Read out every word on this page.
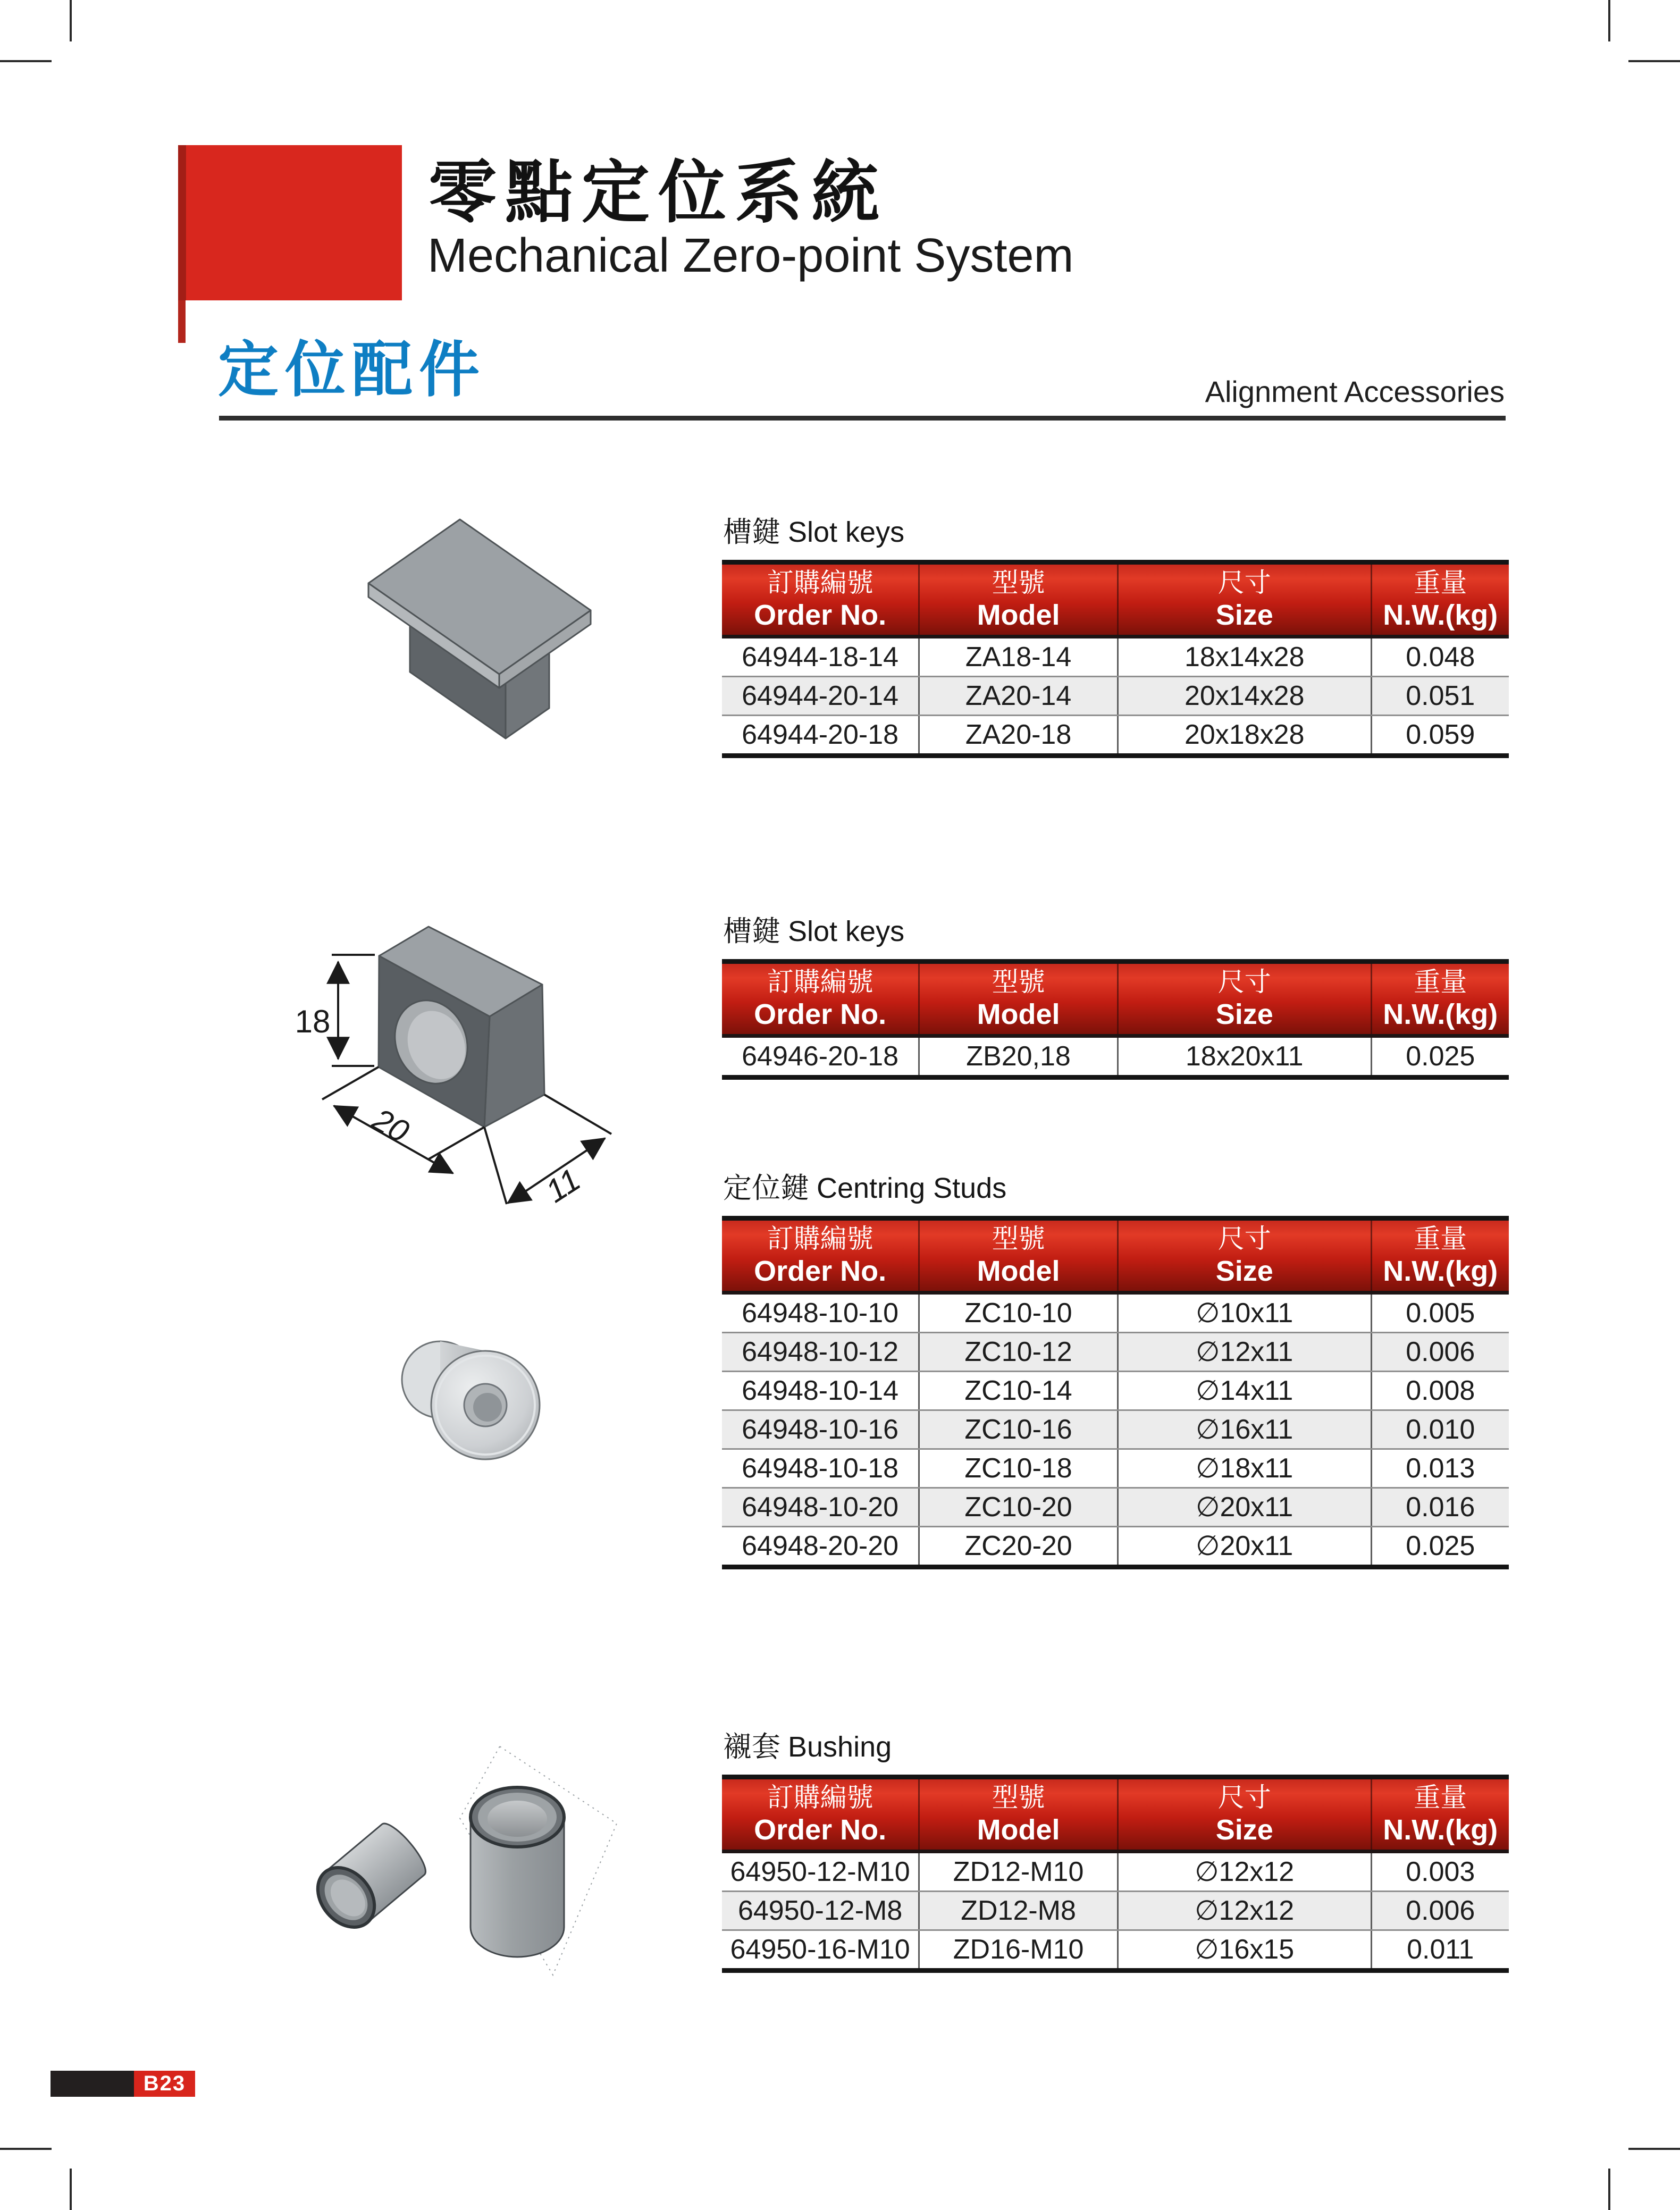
零點定位系統
Mechanical Zero-point System
定位配件	Alignment Accessories
18
20
11
槽鍵 Slot keys
訂購編號
Order No.
型號
Model
尺寸
Size
重量
N.W.(kg)
64944-18-14	ZA18-14	18x14x28	0.048
64944-20-14	ZA20-14	20x14x28	0.051
64944-20-18	ZA20-18	20x18x28	0.059
槽鍵 Slot keys
訂購編號
Order No.
型號
Model
尺寸
Size
重量
N.W.(kg)
64946-20-18	ZB20,18	18x20x11	0.025
定位鍵 Centring Studs
訂購編號
Order No.
型號
Model
尺寸
Size
重量
N.W.(kg)
64948-10-10	ZC10-10	∅10x11	0.005
64948-10-12	ZC10-12	∅12x11	0.006
64948-10-14	ZC10-14	∅14x11	0.008
64948-10-16	ZC10-16	∅16x11	0.010
64948-10-18	ZC10-18	∅18x11	0.013
64948-10-20	ZC10-20	∅20x11	0.016
64948-20-20	ZC20-20	∅20x11	0.025
襯套 Bushing
訂購編號
Order No.
型號
Model
尺寸
Size
重量
N.W.(kg)
64950-12-M10	ZD12-M10	∅12x12	0.003
64950-12-M8	ZD12-M8	∅12x12	0.006
64950-16-M10	ZD16-M10	∅16x15	0.011
B23
